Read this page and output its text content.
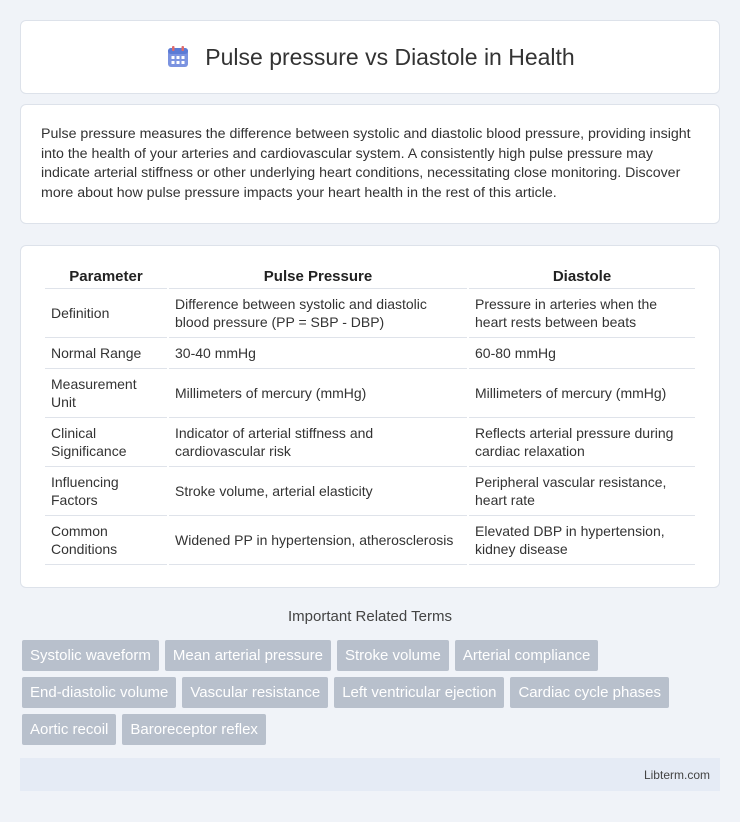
Pulse pressure vs Diastole in Health

Pulse pressure measures the difference between systolic and diastolic blood pressure, providing insight into the health of your arteries and cardiovascular system. A consistently high pulse pressure may indicate arterial stiffness or other underlying heart conditions, necessitating close monitoring. Discover more about how pulse pressure impacts your heart health in the rest of this article.

Parameter	Pulse Pressure	Diastole
Definition	Difference between systolic and diastolic blood pressure (PP = SBP - DBP)	Pressure in arteries when the heart rests between beats
Normal Range	30-40 mmHg	60-80 mmHg
Measurement Unit	Millimeters of mercury (mmHg)	Millimeters of mercury (mmHg)
Clinical Significance	Indicator of arterial stiffness and cardiovascular risk	Reflects arterial pressure during cardiac relaxation
Influencing Factors	Stroke volume, arterial elasticity	Peripheral vascular resistance, heart rate
Common Conditions	Widened PP in hypertension, atherosclerosis	Elevated DBP in hypertension, kidney disease
Important Related Terms
Systolic waveform	Mean arterial pressure	Stroke volume	Arterial compliance
End-diastolic volume	Vascular resistance	Left ventricular ejection	Cardiac cycle phases
Aortic recoil	Baroreceptor reflex
Libterm.com
